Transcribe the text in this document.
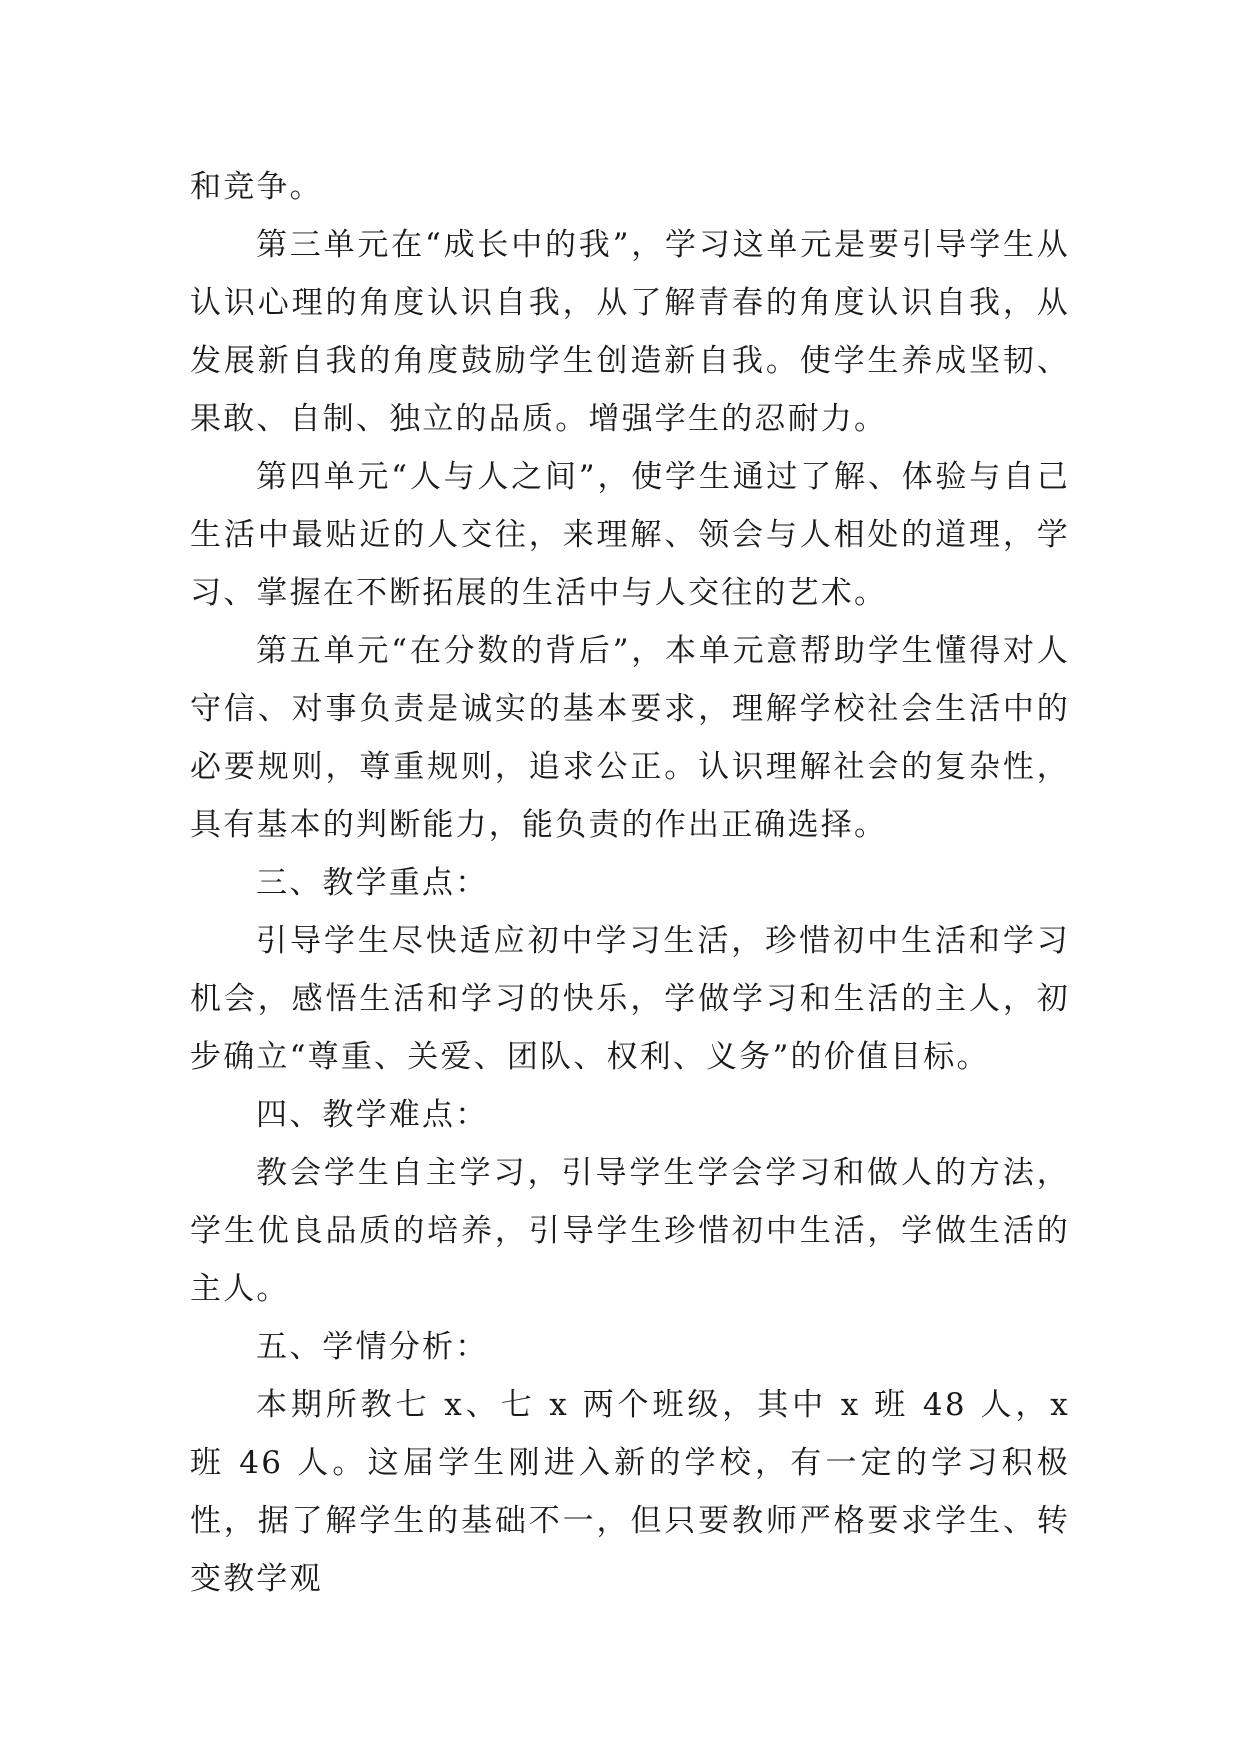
和竞争。

第三单元在“成长中的我”，学习这单元是要引导学生从认识心理的角度认识自我，从了解青春的角度认识自我，从发展新自我的角度鼓励学生创造新自我。使学生养成坚韧、果敢、自制、独立的品质。增强学生的忍耐力。

第四单元“人与人之间”，使学生通过了解、体验与自己生活中最贴近的人交往，来理解、领会与人相处的道理，学习、掌握在不断拓展的生活中与人交往的艺术。

第五单元“在分数的背后”，本单元意帮助学生懂得对人守信、对事负责是诚实的基本要求，理解学校社会生活中的必要规则，尊重规则，追求公正。认识理解社会的复杂性，具有基本的判断能力，能负责的作出正确选择。

三、教学重点：

引导学生尽快适应初中学习生活，珍惜初中生活和学习机会，感悟生活和学习的快乐，学做学习和生活的主人，初步确立“尊重、关爱、团队、权利、义务”的价值目标。

四、教学难点：

教会学生自主学习，引导学生学会学习和做人的方法，学生优良品质的培养，引导学生珍惜初中生活，学做生活的主人。

五、学情分析：

本期所教七 x、七 x 两个班级，其中 x 班 48 人，x 班 46 人。这届学生刚进入新的学校，有一定的学习积极性，据了解学生的基础不一，但只要教师严格要求学生、转变教学观
